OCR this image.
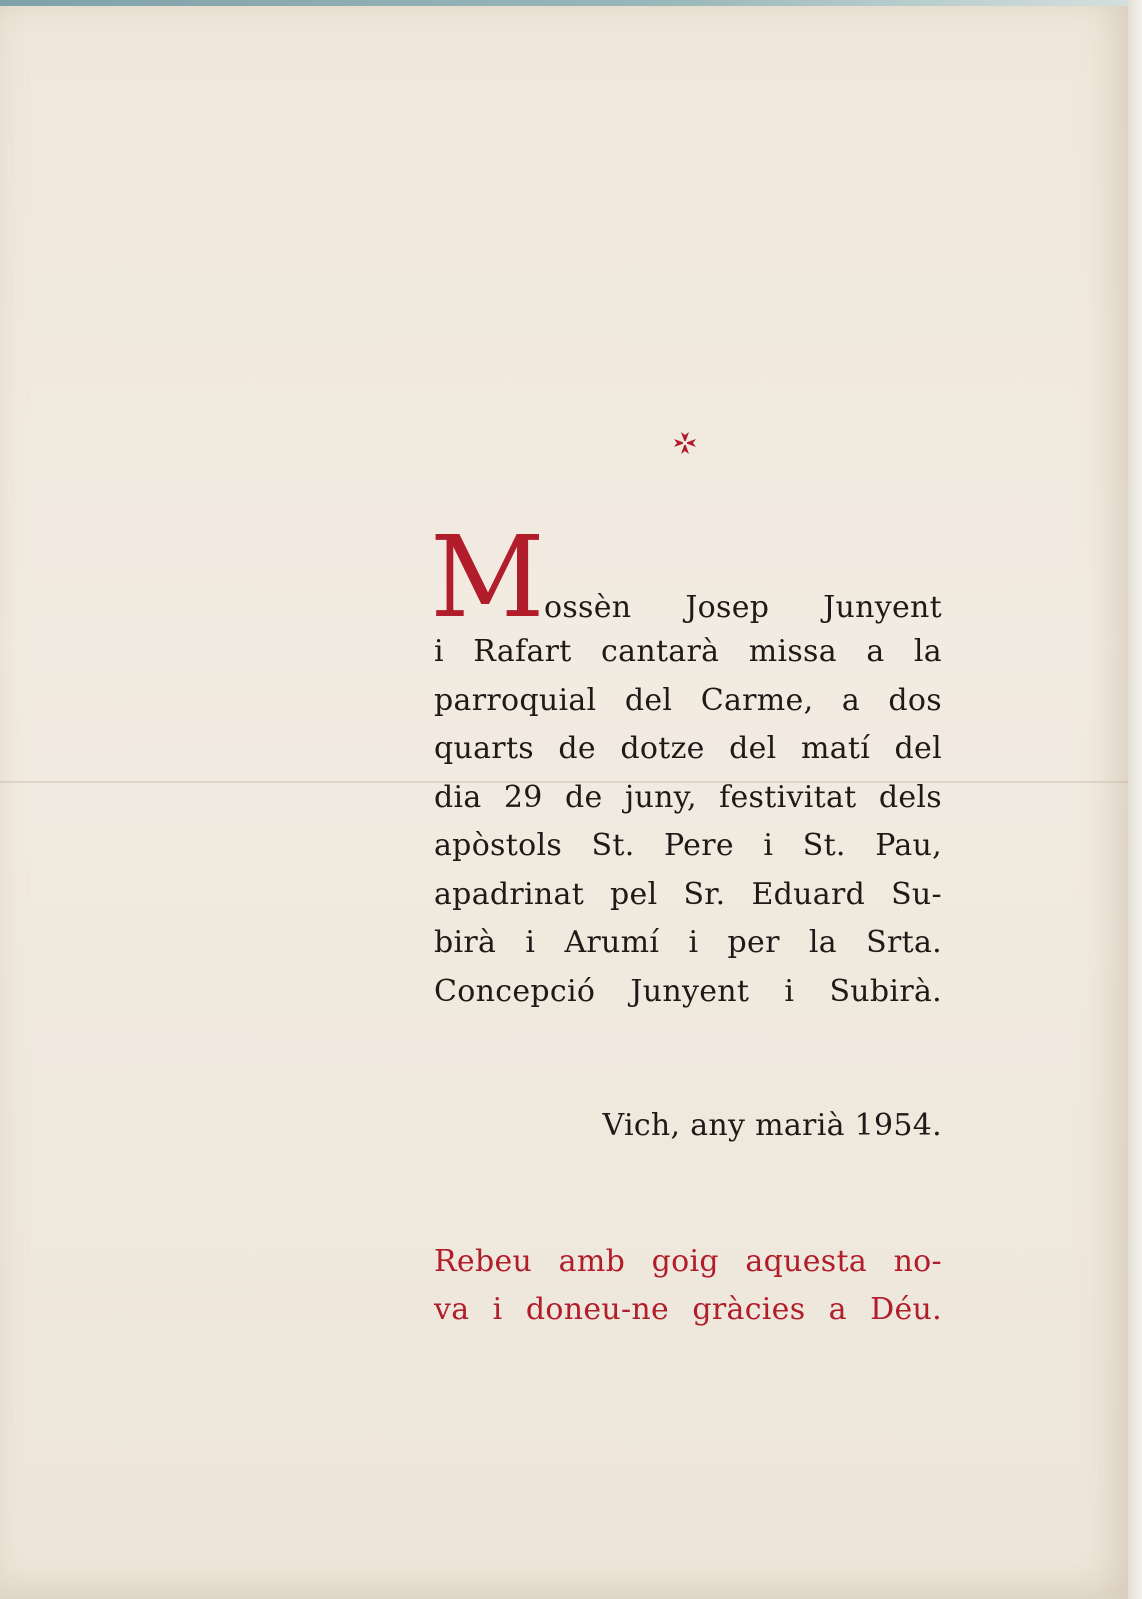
M ossèn Josep Junyent
i Rafart cantarà missa a la
parroquial del Carme, a dos
quarts de dotze del matí del
dia 29 de juny, festivitat dels
apòstols St. Pere i St. Pau,
apadrinat pel Sr. Eduard Su-
birà i Arumí i per la Srta.
Concepció Junyent i Subirà.
Vich, any marià 1954.
Rebeu amb goig aquesta no-
va i doneu-ne gràcies a Déu.
